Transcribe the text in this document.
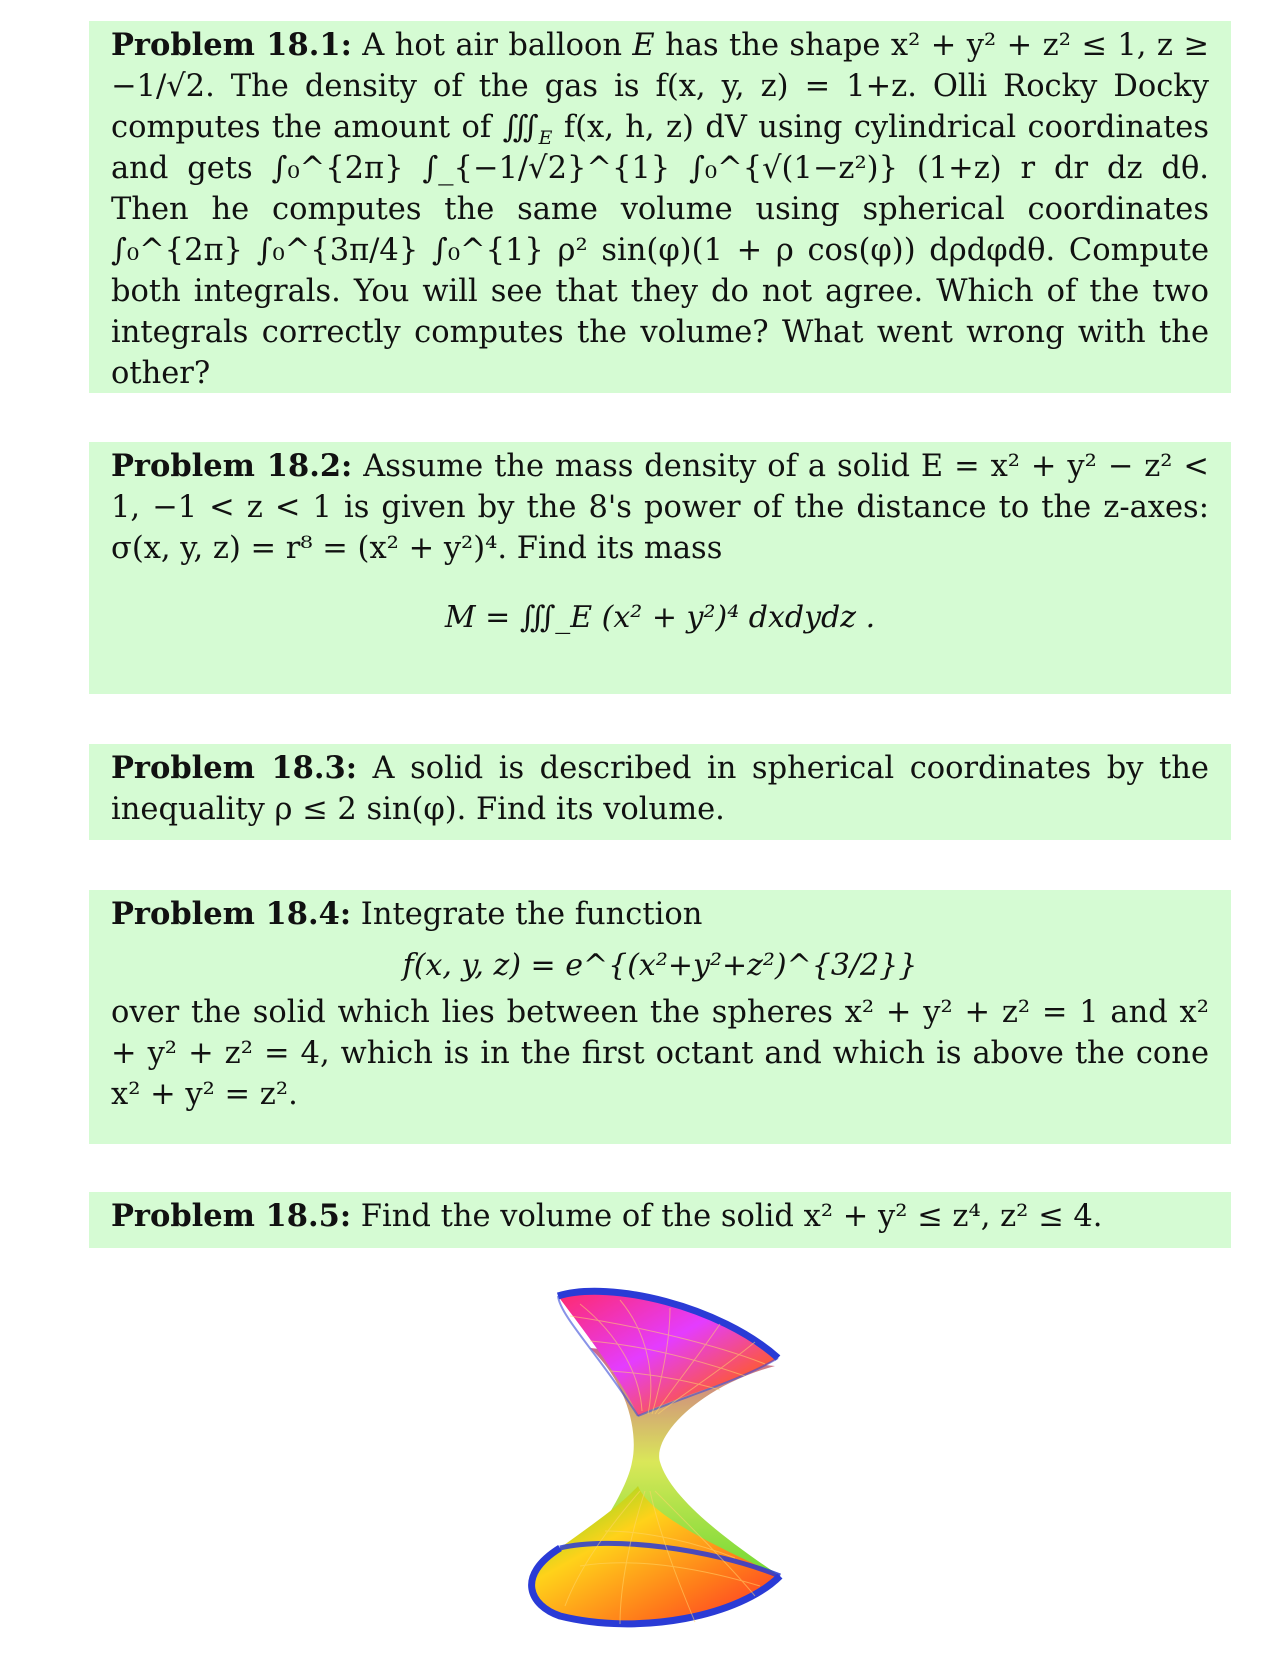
Problem 18.1: A hot air balloon E has the shape x² + y² + z² ≤ 1, z ≥ −1/√2. The density of the gas is f(x, y, z) = 1+z. Olli Rocky Docky computes the amount of $∭_E$ f(x, h, z) dV using cylindrical coordinates and gets ∫₀^{2π} ∫_{−1/√2}^{1} ∫₀^{√(1−z²)} (1+z) r dr dz dθ. Then he computes the same volume using spherical coordinates ∫₀^{2π} ∫₀^{3π/4} ∫₀^{1} ρ² sin(φ)(1 + ρ cos(φ)) dρdφdθ. Compute both integrals. You will see that they do not agree. Which of the two integrals correctly computes the volume? What went wrong with the other?
Problem 18.2: Assume the mass density of a solid E = x² + y² − z² < 1, −1 < z < 1 is given by the 8's power of the distance to the z-axes: σ(x, y, z) = r⁸ = (x² + y²)⁴. Find its mass
M = ∭_E (x² + y²)⁴ dxdydz .
Problem 18.3: A solid is described in spherical coordinates by the inequality ρ ≤ 2 sin(φ). Find its volume.
Problem 18.4: Integrate the function
f(x, y, z) = e^{(x²+y²+z²)^{3/2}}
over the solid which lies between the spheres x² + y² + z² = 1 and x² + y² + z² = 4, which is in the first octant and which is above the cone x² + y² = z².
Problem 18.5: Find the volume of the solid x² + y² ≤ z⁴, z² ≤ 4.
